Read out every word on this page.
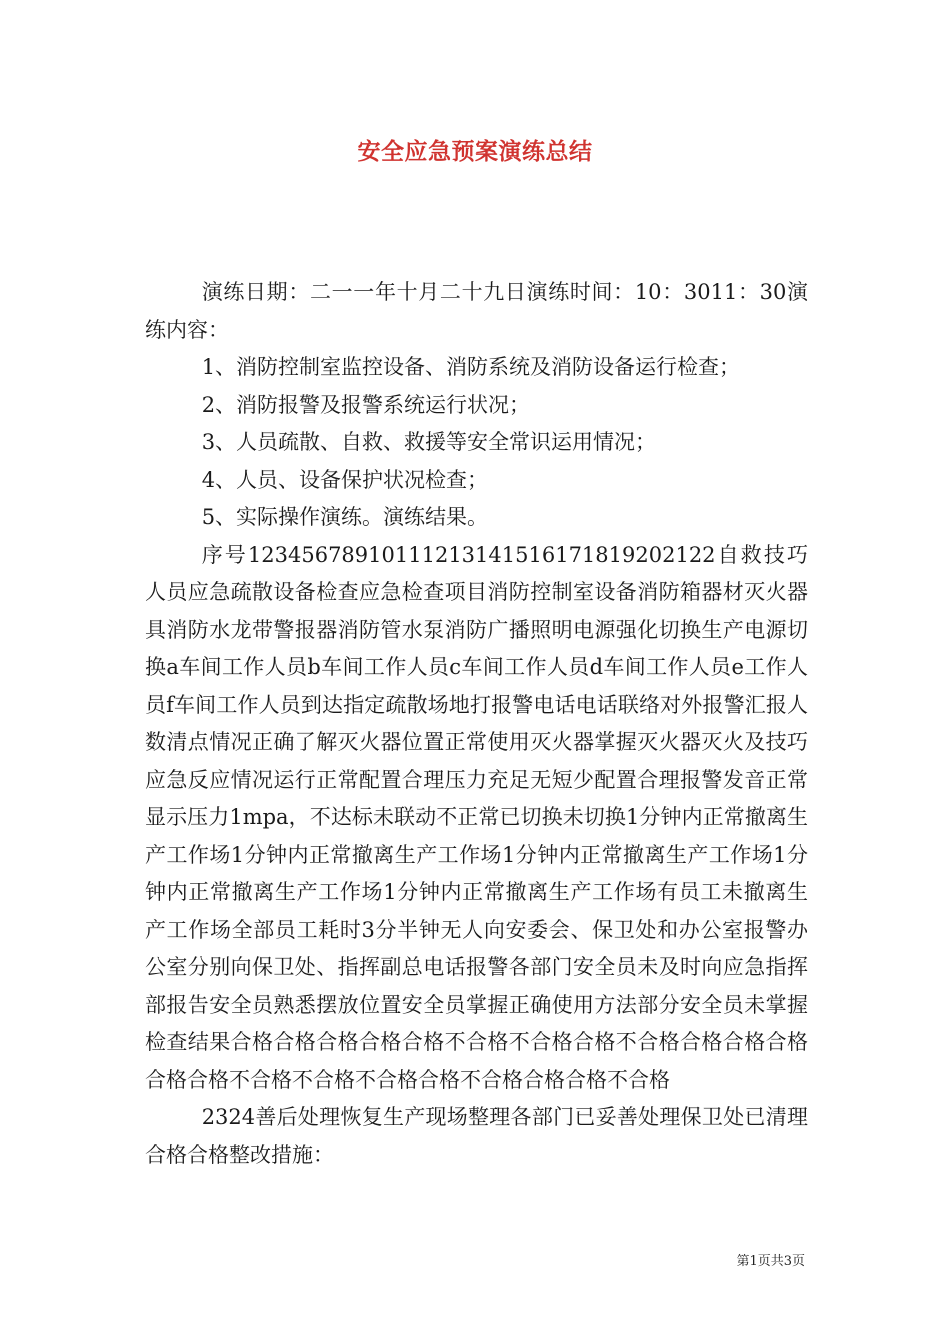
安全应急预案演练总结

演练日期：二一一年十月二十九日演练时间：10：3011：30演练内容：

1、消防控制室监控设备、消防系统及消防设备运行检查；

2、消防报警及报警系统运行状况；

3、人员疏散、自救、救援等安全常识运用情况；

4、人员、设备保护状况检查；

5、实际操作演练。演练结果。

序号12345678910111213141516171819202122自救技巧人员应急疏散设备检查应急检查项目消防控制室设备消防箱器材灭火器具消防水龙带警报器消防管水泵消防广播照明电源强化切换生产电源切换a车间工作人员b车间工作人员c车间工作人员d车间工作人员e工作人员f车间工作人员到达指定疏散场地打报警电话电话联络对外报警汇报人数清点情况正确了解灭火器位置正常使用灭火器掌握灭火器灭火及技巧应急反应情况运行正常配置合理压力充足无短少配置合理报警发音正常显示压力1mpa，不达标未联动不正常已切换未切换1分钟内正常撤离生产工作场1分钟内正常撤离生产工作场1分钟内正常撤离生产工作场1分钟内正常撤离生产工作场1分钟内正常撤离生产工作场有员工未撤离生产工作场全部员工耗时3分半钟无人向安委会、保卫处和办公室报警办公室分别向保卫处、指挥副总电话报警各部门安全员未及时向应急指挥部报告安全员熟悉摆放位置安全员掌握正确使用方法部分安全员未掌握检查结果合格合格合格合格合格不合格不合格合格不合格合格合格合格合格合格不合格不合格不合格合格不合格合格合格不合格

2324善后处理恢复生产现场整理各部门已妥善处理保卫处已清理合格合格整改措施：

第1页共3页
